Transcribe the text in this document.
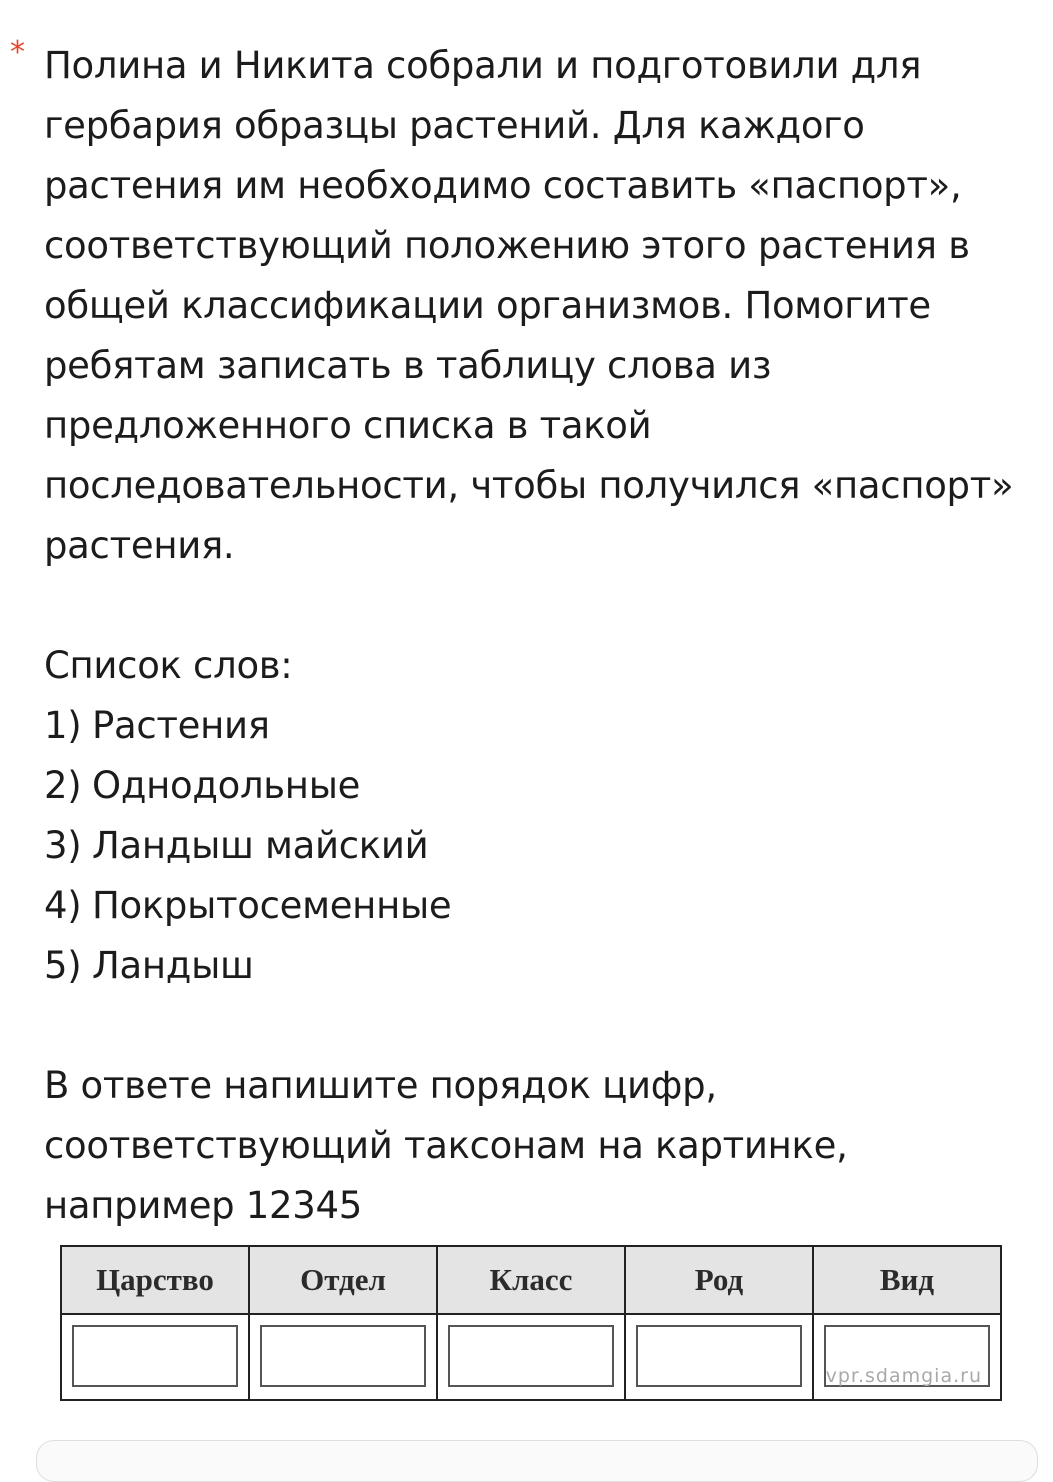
* Полина и Никита собрали и подготовили для гербария образцы растений. Для каждого растения им необходимо составить «паспорт», соответствующий положению этого растения в общей классификации организмов. Помогите ребятам записать в таблицу слова из предложенного списка в такой последовательности, чтобы получился «паспорт» растения.

Список слов:
1) Растения
2) Однодольные
3) Ландыш майский
4) Покрытосеменные
5) Ландыш

В ответе напишите порядок цифр, соответствующий таксонам на картинке, например 12345

Царство	Отдел	Класс	Род	Вид

				vpr.sdamgia.ru
